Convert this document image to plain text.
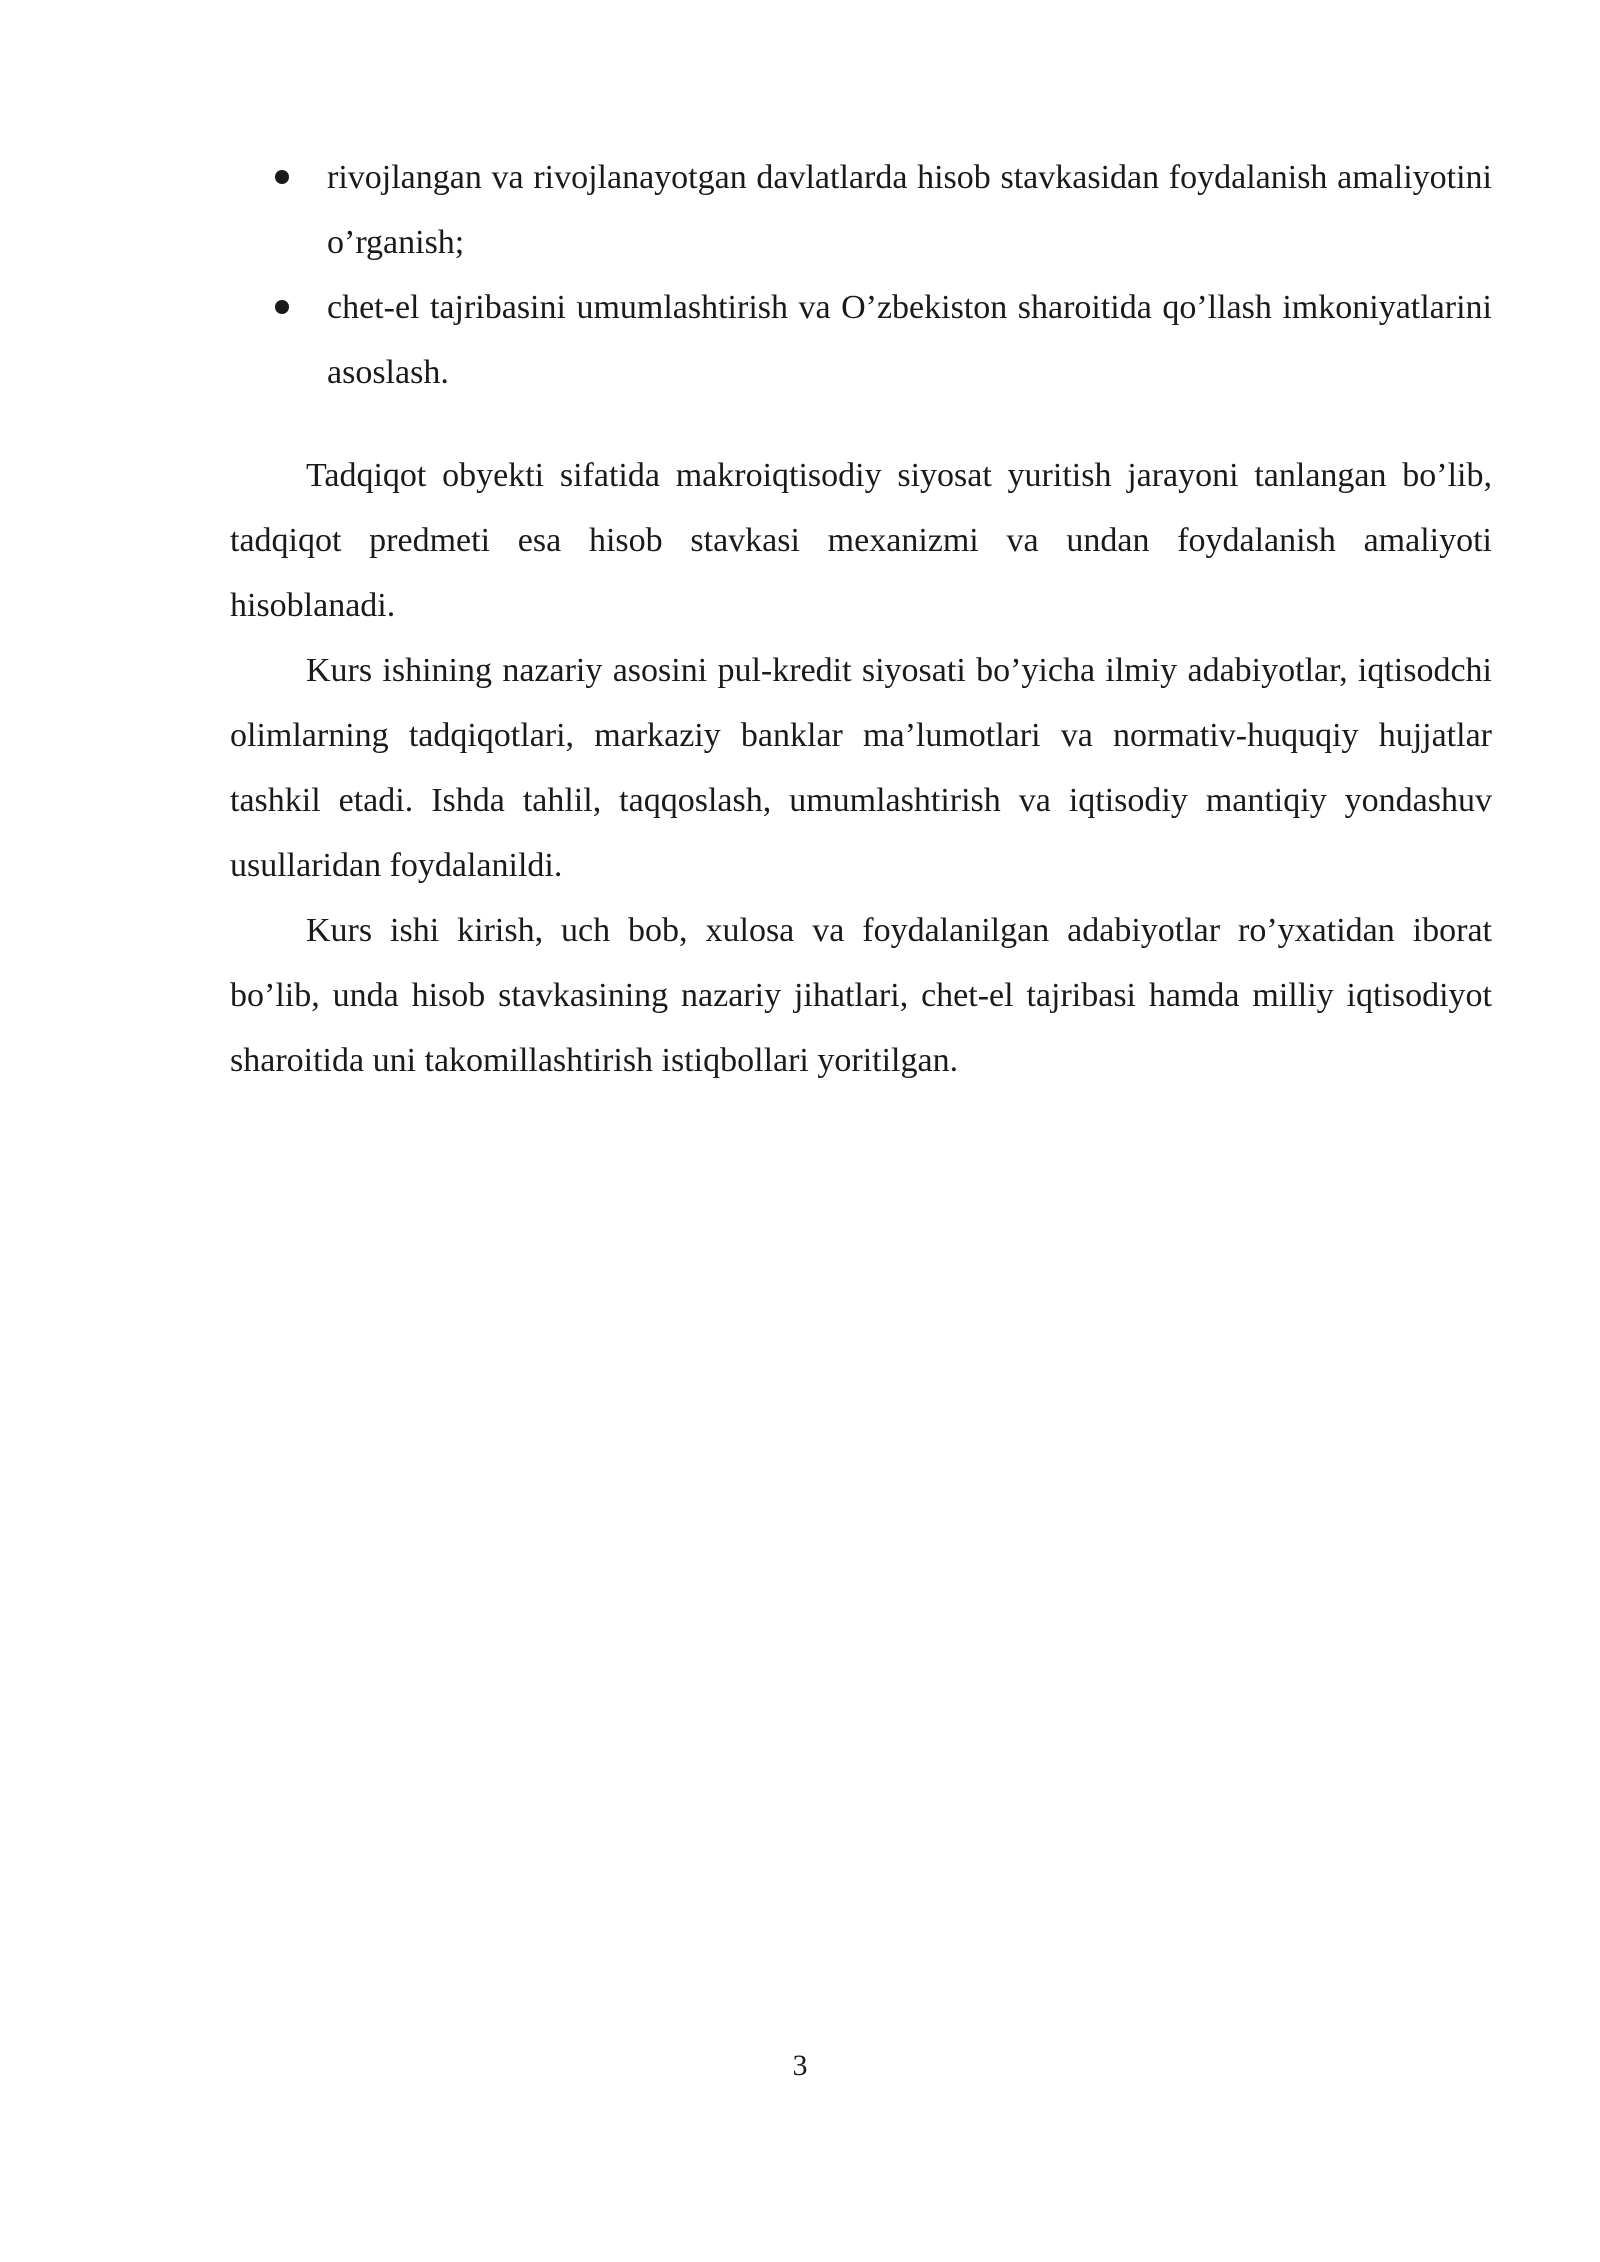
rivojlangan va rivojlanayotgan davlatlarda hisob stavkasidan foydalanish amaliyotini o’rganish;
chet-el tajribasini umumlashtirish va O’zbekiston sharoitida qo’llash imkoniyatlarini asoslash.

Tadqiqot obyekti sifatida makroiqtisodiy siyosat yuritish jarayoni tanlangan bo’lib, tadqiqot predmeti esa hisob stavkasi mexanizmi va undan foydalanish amaliyoti hisoblanadi.

Kurs ishining nazariy asosini pul-kredit siyosati bo’yicha ilmiy adabiyotlar, iqtisodchi olimlarning tadqiqotlari, markaziy banklar ma’lumotlari va normativ-huquqiy hujjatlar tashkil etadi. Ishda tahlil, taqqoslash, umumlashtirish va iqtisodiy mantiqiy yondashuv usullaridan foydalanildi.

Kurs ishi kirish, uch bob, xulosa va foydalanilgan adabiyotlar ro’yxatidan iborat bo’lib, unda hisob stavkasining nazariy jihatlari, chet-el tajribasi hamda milliy iqtisodiyot sharoitida uni takomillashtirish istiqbollari yoritilgan.

3
